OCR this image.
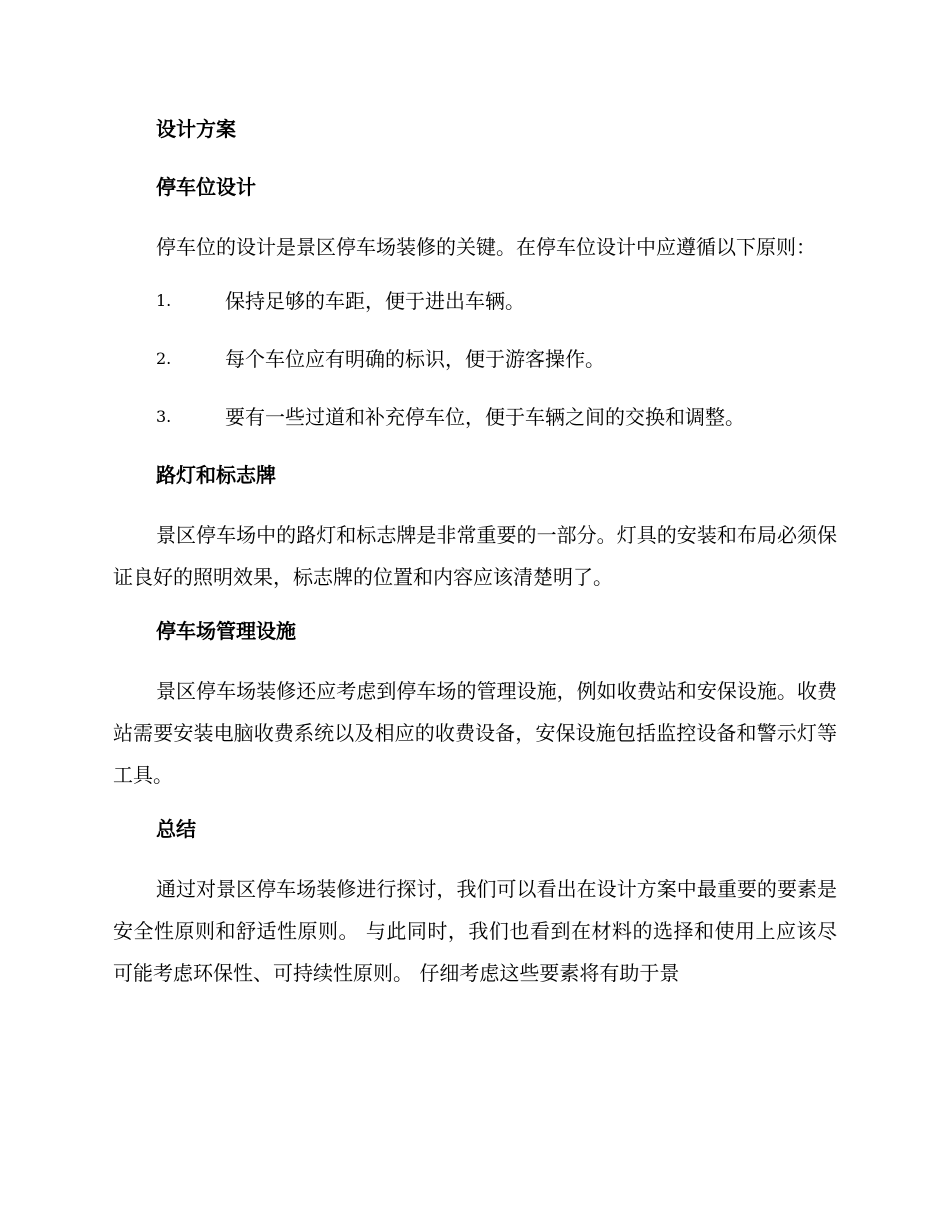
设计方案
停车位设计

停车位的设计是景区停车场装修的关键。在停车位设计中应遵循以下原则：

1.	保持足够的车距，便于进出车辆。
2.	每个车位应有明确的标识，便于游客操作。
3.	要有一些过道和补充停车位，便于车辆之间的交换和调整。
路灯和标志牌

景区停车场中的路灯和标志牌是非常重要的一部分。灯具的安装和布局必须保证良好的照明效果，标志牌的位置和内容应该清楚明了。

停车场管理设施

景区停车场装修还应考虑到停车场的管理设施，例如收费站和安保设施。收费站需要安装电脑收费系统以及相应的收费设备，安保设施包括监控设备和警示灯等工具。

总结

通过对景区停车场装修进行探讨，我们可以看出在设计方案中最重要的要素是安全性原则和舒适性原则。 与此同时，我们也看到在材料的选择和使用上应该尽可能考虑环保性、可持续性原则。 仔细考虑这些要素将有助于景
